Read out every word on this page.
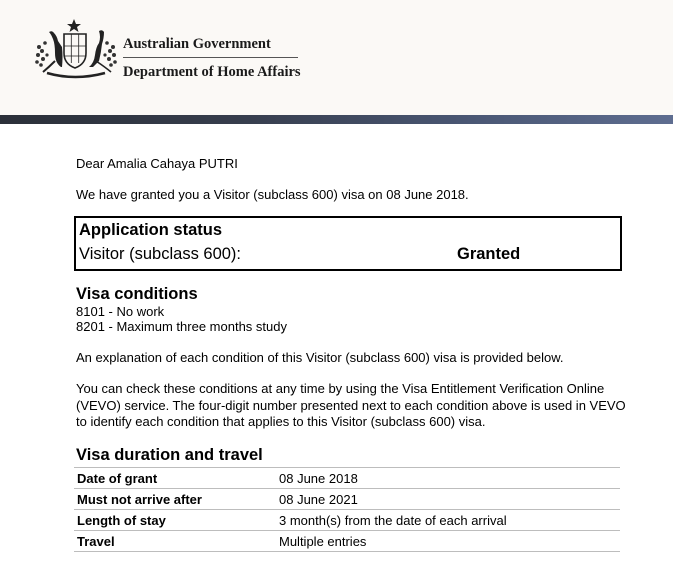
Australian Government
Department of Home Affairs
Dear Amalia Cahaya PUTRI
We have granted you a Visitor (subclass 600) visa on 08 June 2018.
Application status
Visitor (subclass 600):	Granted
Visa conditions
8101 - No work
8201 - Maximum three months study
An explanation of each condition of this Visitor (subclass 600) visa is provided below.
You can check these conditions at any time by using the Visa Entitlement Verification Online (VEVO) service. The four-digit number presented next to each condition above is used in VEVO to identify each condition that applies to this Visitor (subclass 600) visa.
Visa duration and travel
Date of grant	08 June 2018
Must not arrive after	08 June 2021
Length of stay	3 month(s) from the date of each arrival
Travel	Multiple entries
